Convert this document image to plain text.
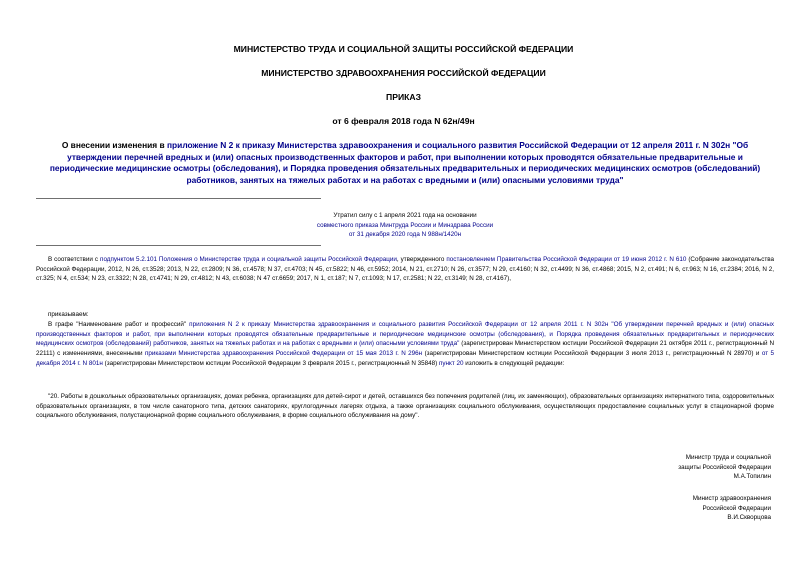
МИНИСТЕРСТВО ТРУДА И СОЦИАЛЬНОЙ ЗАЩИТЫ РОССИЙСКОЙ ФЕДЕРАЦИИ
МИНИСТЕРСТВО ЗДРАВООХРАНЕНИЯ РОССИЙСКОЙ ФЕДЕРАЦИИ
ПРИКАЗ
от 6 февраля 2018 года N 62н/49н
О внесении изменения в приложение N 2 к приказу Министерства здравоохранения и социального развития Российской Федерации от 12 апреля 2011 г. N 302н "Об утверждении перечней вредных и (или) опасных производственных факторов и работ, при выполнении которых проводятся обязательные предварительные и периодические медицинские осмотры (обследования), и Порядка проведения обязательных предварительных и периодических медицинских осмотров (обследований) работников, занятых на тяжелых работах и на работах с вредными и (или) опасными условиями труда"
Утратил силу с 1 апреля 2021 года на основании
совместного приказа Минтруда России и Минздрава России
от 31 декабря 2020 года N 988н/1420н
В соответствии с подпунктом 5.2.101 Положения о Министерстве труда и социальной защиты Российской Федерации, утвержденного постановлением Правительства Российской Федерации от 19 июня 2012 г. N 610 (Собрание законодательства Российской Федерации, 2012, N 26, ст.3528; 2013, N 22, ст.2809; N 36, ст.4578; N 37, ст.4703; N 45, ст.5822; N 46, ст.5952; 2014, N 21, ст.2710; N 26, ст.3577; N 29, ст.4160; N 32, ст.4499; N 36, ст.4868; 2015, N 2, ст.491; N 6, ст.963; N 16, ст.2384; 2016, N 2, ст.325; N 4, ст.534; N 23, ст.3322; N 28, ст.4741; N 29, ст.4812; N 43, ст.6038; N 47 ст.6659; 2017, N 1, ст.187; N 7, ст.1093; N 17, ст.2581; N 22, ст.3149; N 28, ст.4167),
приказываем:
В графе "Наименование работ и профессий" приложения N 2 к приказу Министерства здравоохранения и социального развития Российской Федерации от 12 апреля 2011 г. N 302н "Об утверждении перечней вредных и (или) опасных производственных факторов и работ, при выполнении которых проводятся обязательные предварительные и периодические медицинские осмотры (обследования), и Порядка проведения обязательных предварительных и периодических медицинских осмотров (обследований) работников, занятых на тяжелых работах и на работах с вредными и (или) опасными условиями труда" (зарегистрирован Министерством юстиции Российской Федерации 21 октября 2011 г., регистрационный N 22111) с изменениями, внесенными приказами Министерства здравоохранения Российской Федерации от 15 мая 2013 г. N 296н (зарегистрирован Министерством юстиции Российской Федерации 3 июля 2013 г., регистрационный N 28970) и от 5 декабря 2014 г. N 801н (зарегистрирован Министерством юстиции Российской Федерации 3 февраля 2015 г., регистрационный N 35848) пункт 20 изложить в следующей редакции:
"20. Работы в дошкольных образовательных организациях, домах ребенка, организациях для детей-сирот и детей, оставшихся без попечения родителей (лиц, их заменяющих), образовательных организациях интернатного типа, оздоровительных образовательных организациях, в том числе санаторного типа, детских санаториях, круглогодичных лагерях отдыха, а также организациях социального обслуживания, осуществляющих предоставление социальных услуг в стационарной форме социального обслуживания, полустационарной форме социального обслуживания, в форме социального обслуживания на дому".
Министр труда и социальной
защиты Российской Федерации
М.А.Топилин
Министр здравоохранения
Российской Федерации
В.И.Скворцова
